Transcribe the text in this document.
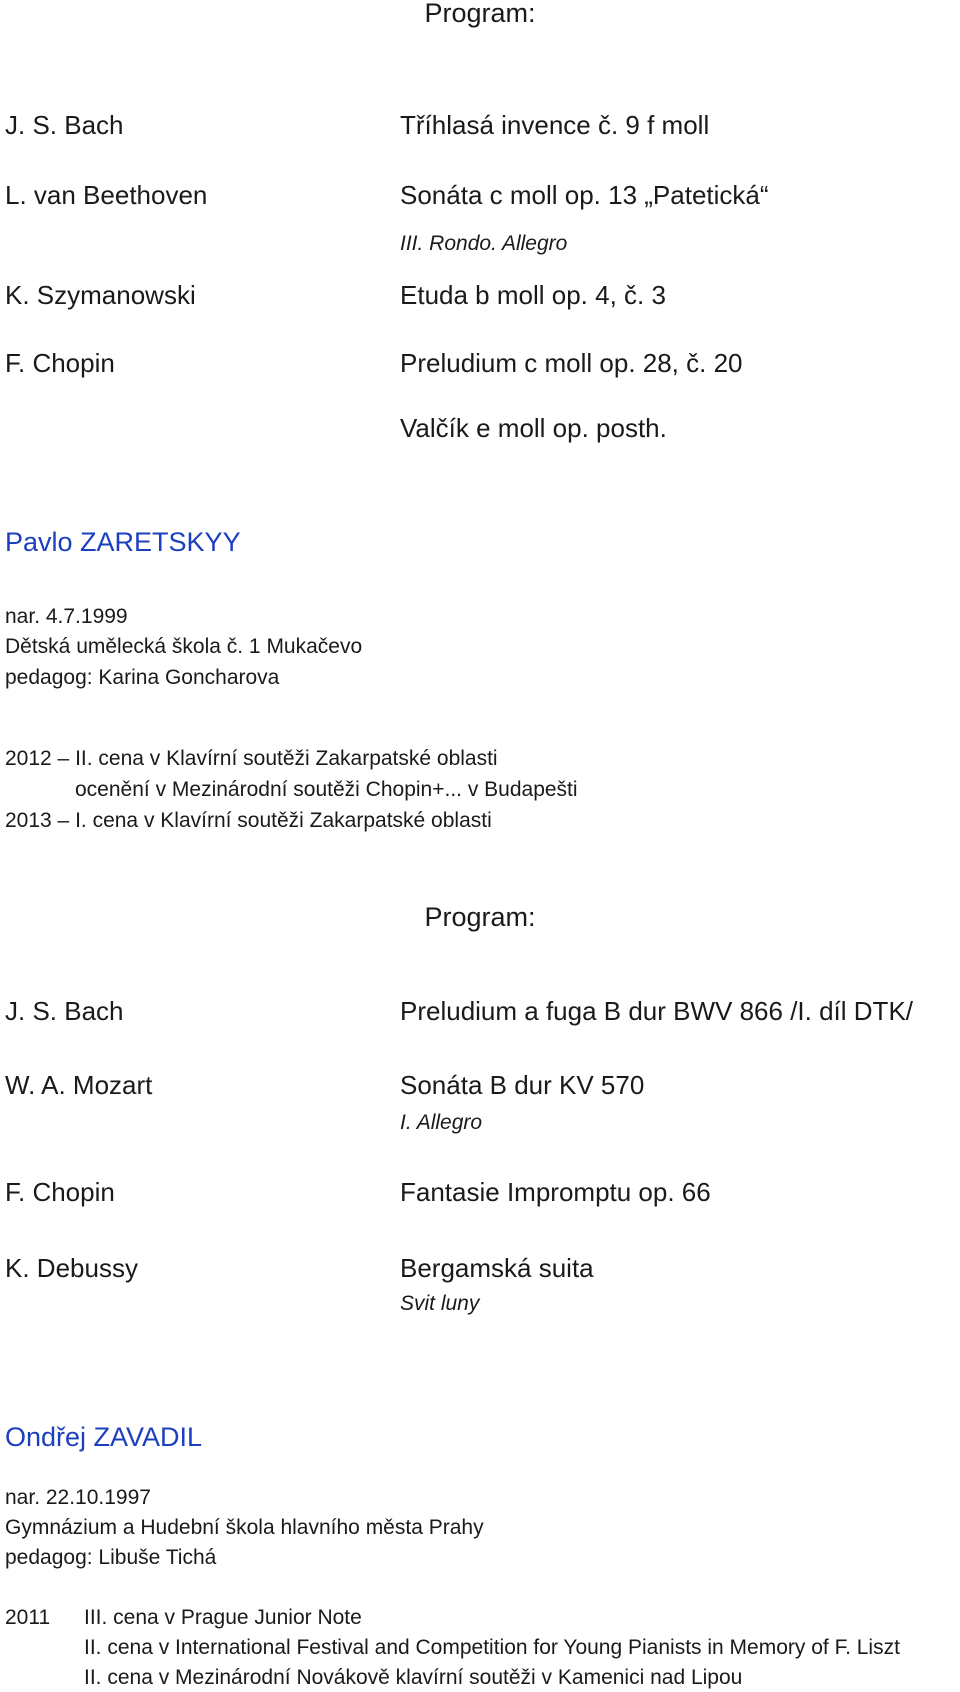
Program:
J. S. Bach	Tříhlasá invence č. 9 f moll
L. van Beethoven	Sonáta c moll op. 13 „Patetická“
III. Rondo. Allegro
K. Szymanowski	Etuda b moll op. 4, č. 3
F. Chopin	Preludium c moll op. 28, č. 20
Valčík e moll op. posth.
Pavlo ZARETSKYY
nar. 4.7.1999
Dětská umělecká škola č. 1 Mukačevo
pedagog: Karina Goncharova
2012 – II. cena v Klavírní soutěži Zakarpatské oblasti
ocenění v Mezinárodní soutěži Chopin+... v Budapešti
2013 – I. cena v Klavírní soutěži Zakarpatské oblasti
Program:
J. S. Bach	Preludium a fuga B dur BWV 866 /I. díl DTK/
W. A. Mozart	Sonáta B dur KV 570
I. Allegro
F. Chopin	Fantasie Impromptu op. 66
K. Debussy	Bergamská suita
Svit luny
Ondřej ZAVADIL
nar. 22.10.1997
Gymnázium a Hudební škola hlavního města Prahy
pedagog: Libuše Tichá
2011 III. cena v Prague Junior Note
II. cena v International Festival and Competition for Young Pianists in Memory of F. Liszt
II. cena v Mezinárodní Novákově klavírní soutěži v Kamenici nad Lipou
